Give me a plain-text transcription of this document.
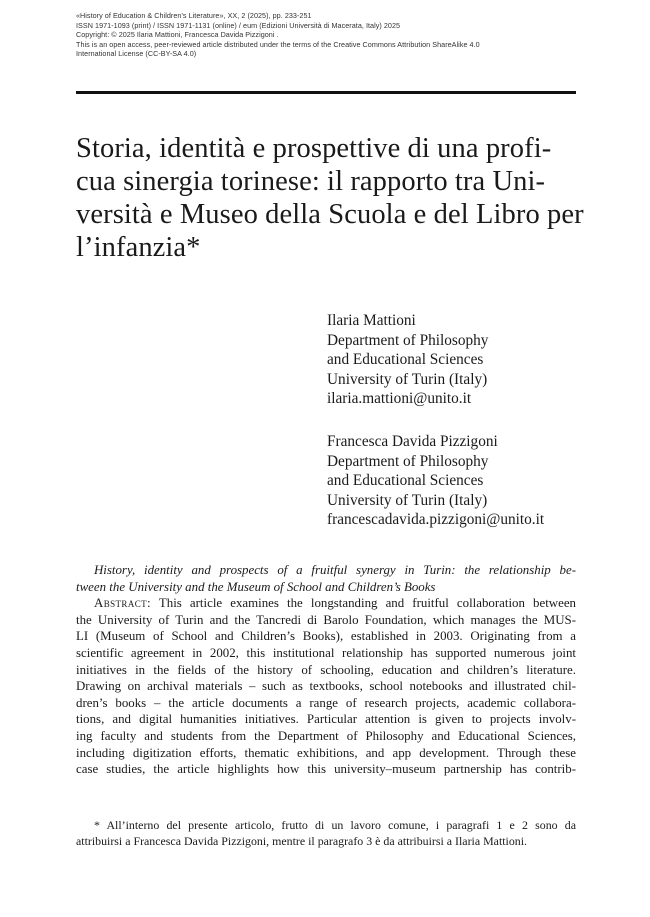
«History of Education & Children's Literature», XX, 2 (2025), pp. 233-251
ISSN 1971-1093 (print) / ISSN 1971-1131 (online) / eum (Edizioni Università di Macerata, Italy) 2025
Copyright: © 2025 Ilaria Mattioni, Francesca Davida Pizzigoni .
This is an open access, peer-reviewed article distributed under the terms of the Creative Commons Attribution ShareAlike 4.0
International License (CC-BY-SA 4.0)
Storia, identità e prospettive di una profi-
cua sinergia torinese: il rapporto tra Uni-
versità e Museo della Scuola e del Libro per
l’infanzia*
Ilaria Mattioni
Department of Philosophy
and Educational Sciences
University of Turin (Italy)
ilaria.mattioni@unito.it
Francesca Davida Pizzigoni
Department of Philosophy
and Educational Sciences
University of Turin (Italy)
francescadavida.pizzigoni@unito.it
History, identity and prospects of a fruitful synergy in Turin: the relationship be-
tween the University and the Museum of School and Children’s Books
Abstract: This article examines the longstanding and fruitful collaboration between
the University of Turin and the Tancredi di Barolo Foundation, which manages the MUS-
LI (Museum of School and Children’s Books), established in 2003. Originating from a
scientific agreement in 2002, this institutional relationship has supported numerous joint
initiatives in the fields of the history of schooling, education and children’s literature.
Drawing on archival materials – such as textbooks, school notebooks and illustrated chil-
dren’s books – the article documents a range of research projects, academic collabora-
tions, and digital humanities initiatives. Particular attention is given to projects involv-
ing faculty and students from the Department of Philosophy and Educational Sciences,
including digitization efforts, thematic exhibitions, and app development. Through these
case studies, the article highlights how this university–museum partnership has contrib-
* All’interno del presente articolo, frutto di un lavoro comune, i paragrafi 1 e 2 sono da
attribuirsi a Francesca Davida Pizzigoni, mentre il paragrafo 3 è da attribuirsi a Ilaria Mattioni.
